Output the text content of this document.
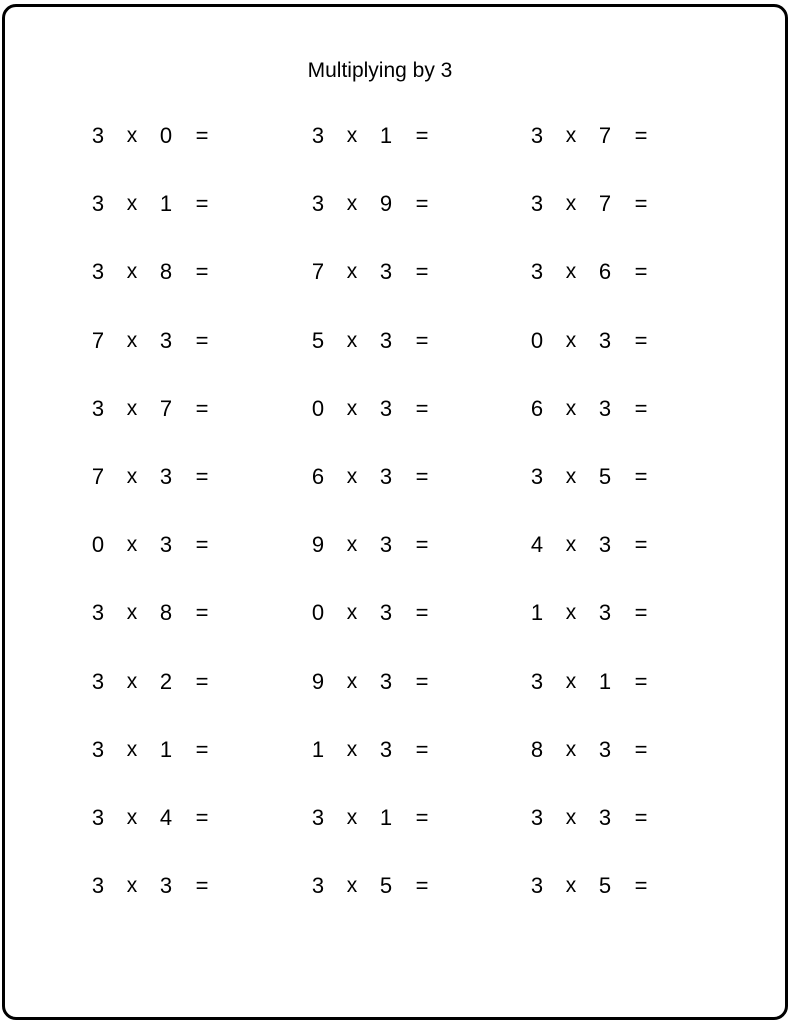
Multiplying by 3
3 x 0 =
3 x 1 =
3 x 8 =
7 x 3 =
3 x 7 =
7 x 3 =
0 x 3 =
3 x 8 =
3 x 2 =
3 x 1 =
3 x 4 =
3 x 3 =
3 x 1 =
3 x 9 =
7 x 3 =
5 x 3 =
0 x 3 =
6 x 3 =
9 x 3 =
0 x 3 =
9 x 3 =
1 x 3 =
3 x 1 =
3 x 5 =
3 x 7 =
3 x 7 =
3 x 6 =
0 x 3 =
6 x 3 =
3 x 5 =
4 x 3 =
1 x 3 =
3 x 1 =
8 x 3 =
3 x 3 =
3 x 5 =
